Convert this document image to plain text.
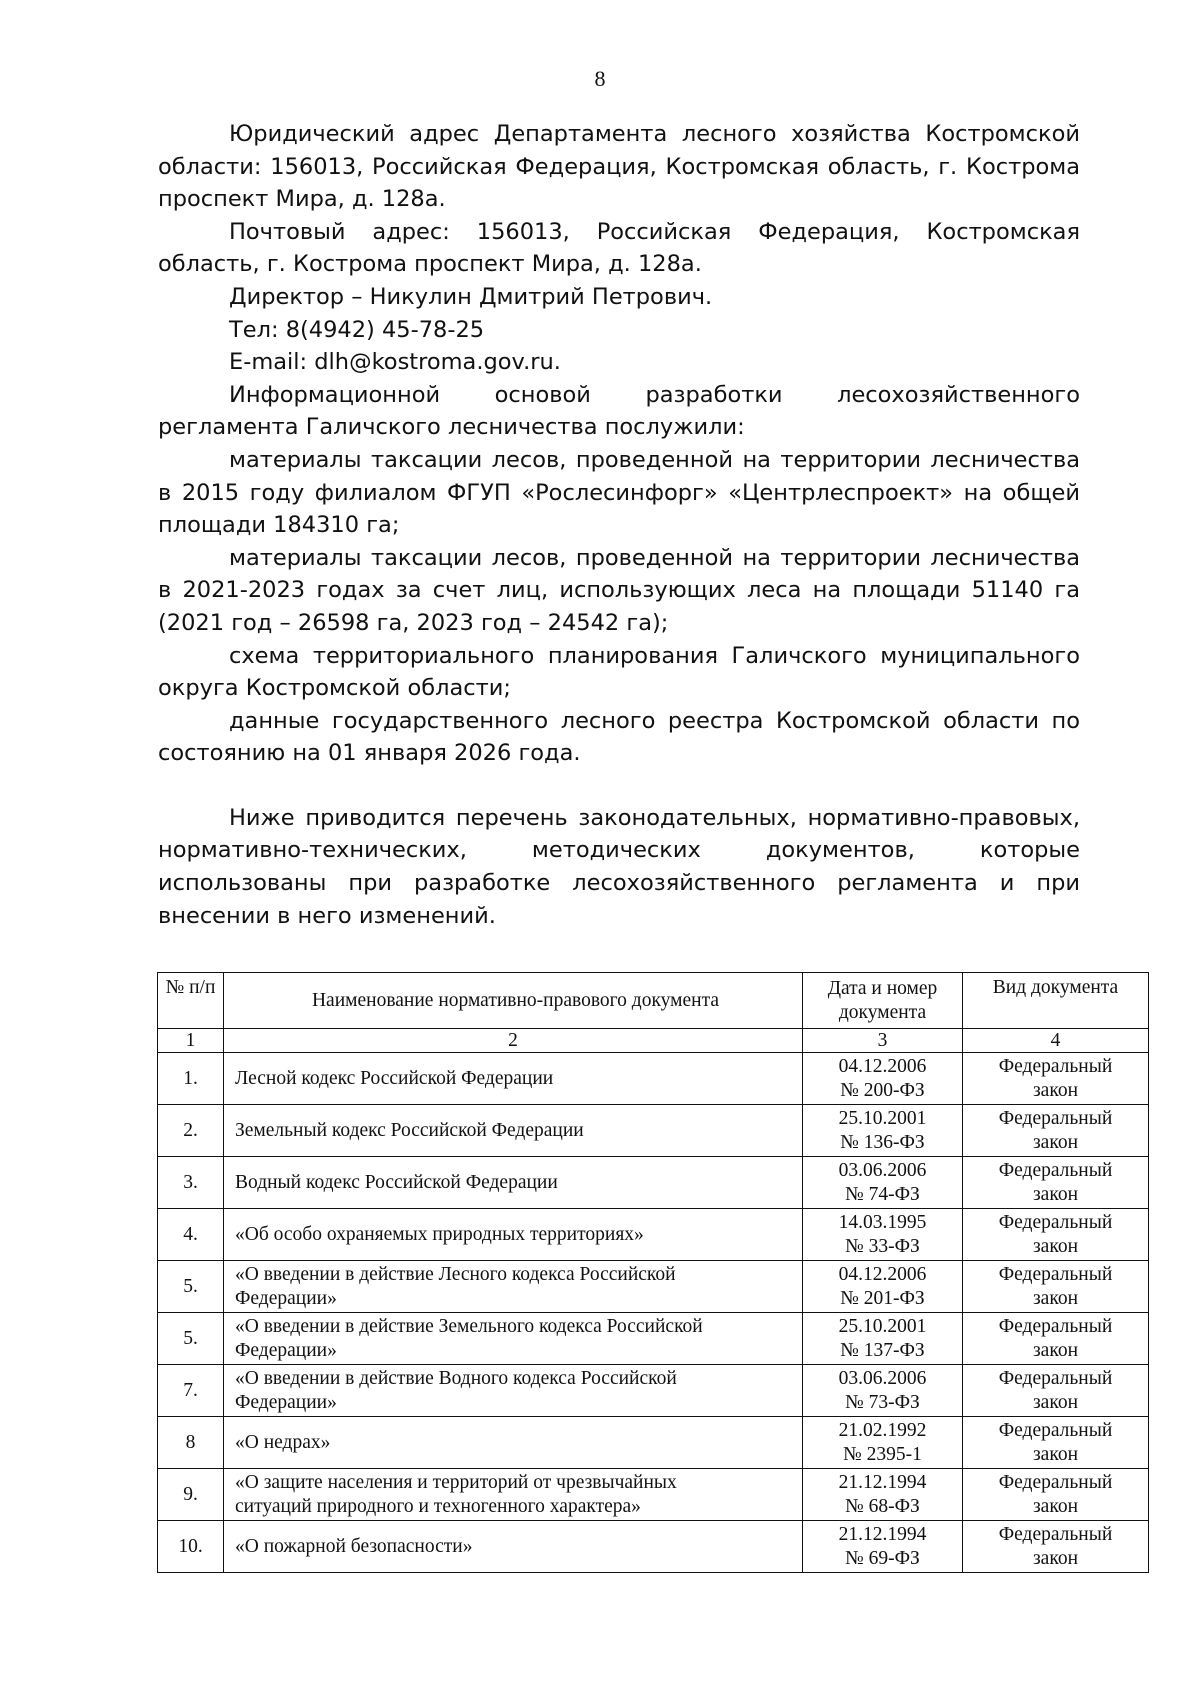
8

Юридический адрес Департамента лесного хозяйства Костромской области: 156013, Российская Федерация, Костромская область, г. Кострома проспект Мира, д. 128а.

Почтовый адрес: 156013, Российская Федерация, Костромская область, г. Кострома проспект Мира, д. 128а.

Директор – Никулин Дмитрий Петрович.

Тел: 8(4942) 45-78-25

E-mail: dlh@kostroma.gov.ru.

Информационной основой разработки лесохозяйственного регламента Галичского лесничества послужили:

материалы таксации лесов, проведенной на территории лесничества в 2015 году филиалом ФГУП «Рослесинфорг» «Центрлеспроект» на общей площади 184310 га;

материалы таксации лесов, проведенной на территории лесничества в 2021-2023 годах за счет лиц, использующих леса на площади 51140 га (2021 год – 26598 га, 2023 год – 24542 га);

схема территориального планирования Галичского муниципального округа Костромской области;

данные государственного лесного реестра Костромской области по состоянию на 01 января 2026 года.

Ниже приводится перечень законодательных, нормативно-правовых, нормативно-технических, методических документов, которые использованы при разработке лесохозяйственного регламента и при внесении в него изменений.

№ п/п	Наименование нормативно-правового документа	Дата и номер
документа	Вид документа
1	2	3	4

1.	Лесной кодекс Российской Федерации	04.12.2006
№ 200-ФЗ	Федеральный
закон

2.	Земельный кодекс Российской Федерации	25.10.2001
№ 136-ФЗ	Федеральный
закон

3.	Водный кодекс Российской Федерации	03.06.2006
№ 74-ФЗ	Федеральный
закон

4.	«Об особо охраняемых природных территориях»	14.03.1995
№ 33-ФЗ	Федеральный
закон

5.	«О введении в действие Лесного кодекса Российской
Федерации»	04.12.2006
№ 201-ФЗ	Федеральный
закон

5.	«О введении в действие Земельного кодекса Российской
Федерации»	25.10.2001
№ 137-ФЗ	Федеральный
закон

7.	«О введении в действие Водного кодекса Российской
Федерации»	03.06.2006
№ 73-ФЗ	Федеральный
закон

8	«О недрах»	21.02.1992
№ 2395-1	Федеральный
закон

9.	«О защите населения и территорий от чрезвычайных
ситуаций природного и техногенного характера»	21.12.1994
№ 68-ФЗ	Федеральный
закон

10.	«О пожарной безопасности»	21.12.1994
№ 69-ФЗ	Федеральный
закон
